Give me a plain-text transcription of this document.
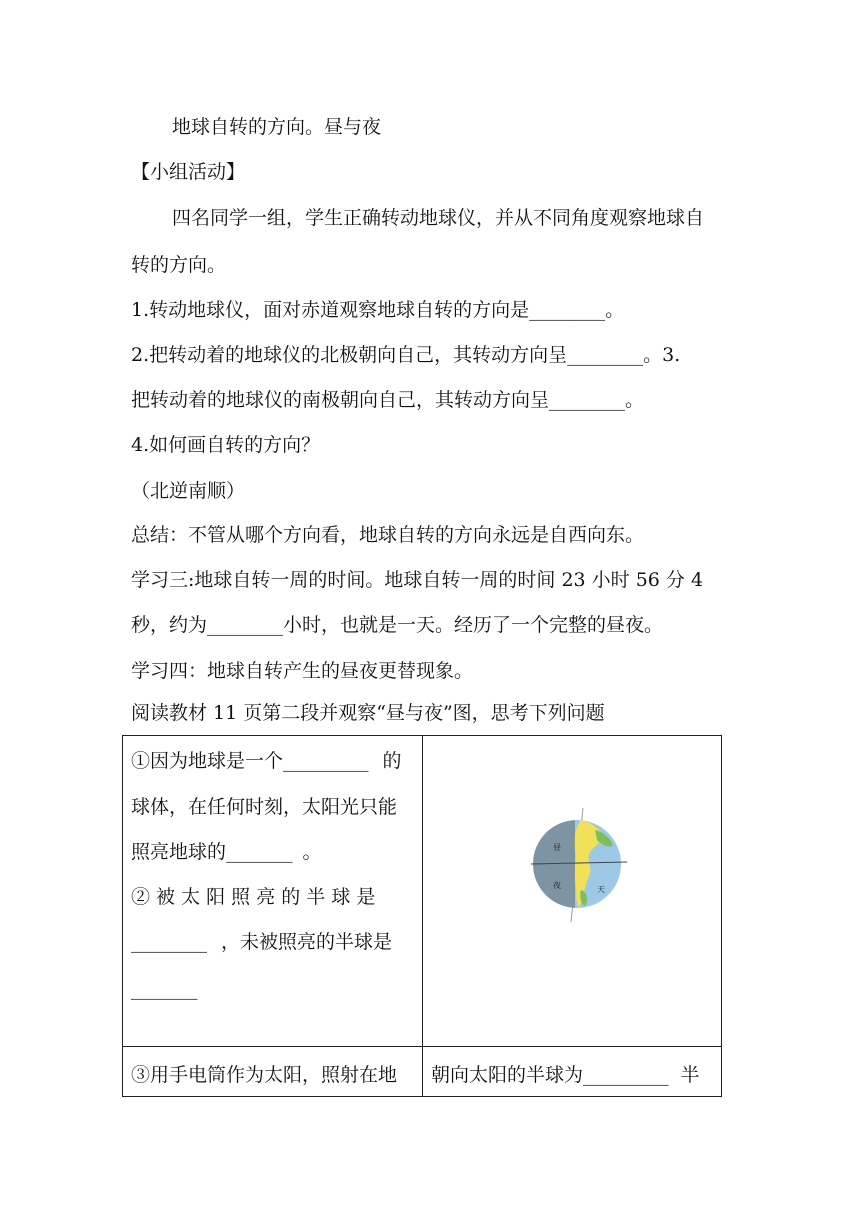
地球自转的方向。昼与夜
【小组活动】
四名同学一组，学生正确转动地球仪，并从不同角度观察地球自
转的方向。
1.转动地球仪，面对赤道观察地球自转的方向是________。
2.把转动着的地球仪的北极朝向自己，其转动方向呈________。3.
把转动着的地球仪的南极朝向自己，其转动方向呈________。
4.如何画自转的方向？
（北逆南顺）
总结：不管从哪个方向看，地球自转的方向永远是自西向东。
学习三:地球自转一周的时间。地球自转一周的时间 23 小时 56 分 4
秒，约为________小时，也就是一天。经历了一个完整的昼夜。
学习四：地球自转产生的昼夜更替现象。
阅读教材 11 页第二段并观察“昼与夜”图，思考下列问题
①因为地球是一个_________ 的
球体，在任何时刻，太阳光只能
照亮地球的_______ 。
② 被 太 阳 照 亮 的 半 球 是
________ ，未被照亮的半球是
_______
昼
夜	天
③用手电筒作为太阳，照射在地 朝向太阳的半球为_________ 半
